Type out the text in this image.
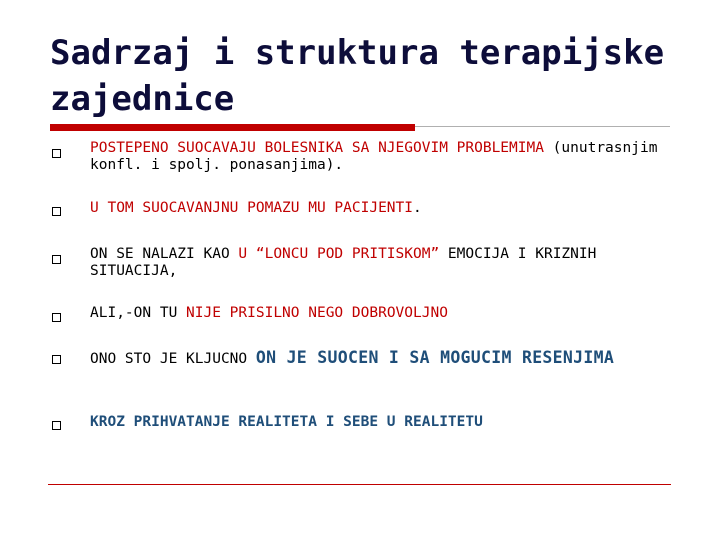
Sadrzaj i struktura terapijske zajednice
POSTEPENO SUOCAVAJU BOLESNIKA SA NJEGOVIM PROBLEMIMA (unutrasnjim konfl. i spolj. ponasanjima).
U TOM SUOCAVANJNU POMAZU MU PACIJENTI.
ON SE NALAZI KAO U “LONCU POD PRITISKOM” EMOCIJA I KRIZNIH SITUACIJA,
ALI,-ON TU NIJE PRISILNO NEGO DOBROVOLJNO
ONO STO JE KLJUCNO ON JE SUOCEN I SA MOGUCIM RESENJIMA
KROZ PRIHVATANJE REALITETA I SEBE U REALITETU
